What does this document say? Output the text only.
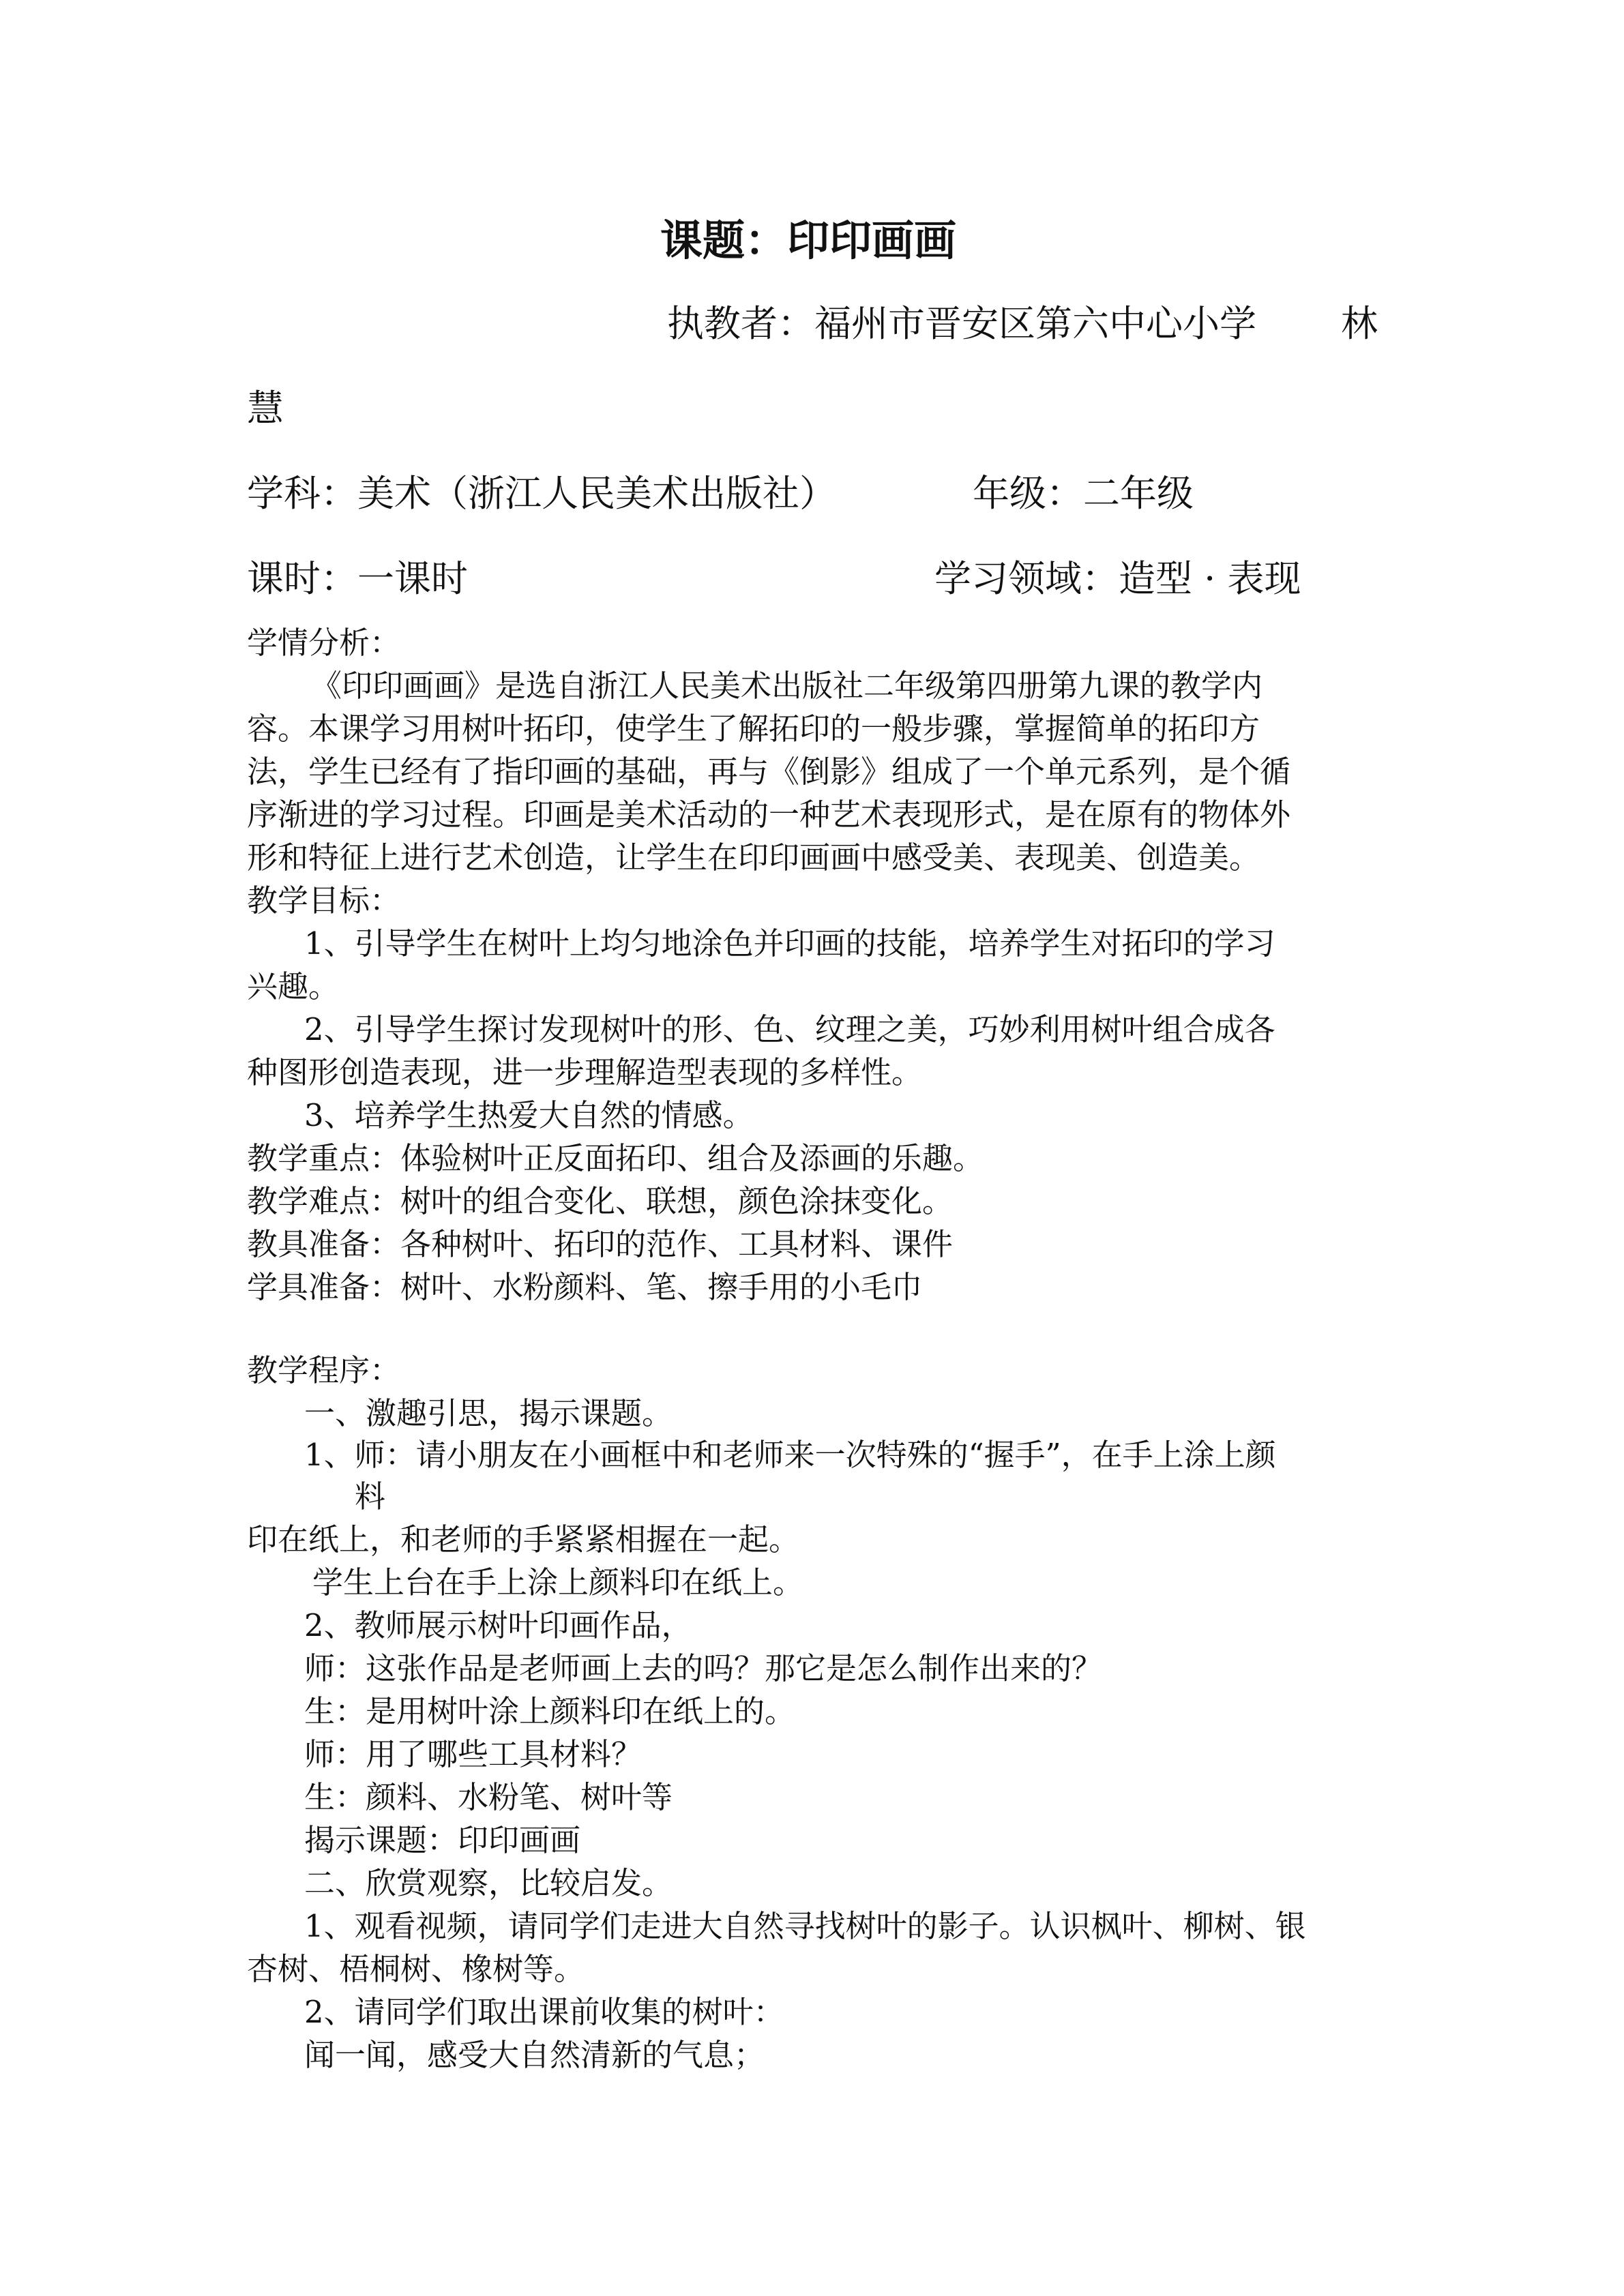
课题：印印画画
执教者：福州市晋安区第六中心小学 林
慧
学科：美术（浙江人民美术出版社）	年级：二年级
课时：一课时	学习领域：造型 · 表现
学情分析：
《印印画画》是选自浙江人民美术出版社二年级第四册第九课的教学内
容。本课学习用树叶拓印，使学生了解拓印的一般步骤，掌握简单的拓印方
法，学生已经有了指印画的基础，再与《倒影》组成了一个单元系列，是个循
序渐进的学习过程。印画是美术活动的一种艺术表现形式，是在原有的物体外
形和特征上进行艺术创造，让学生在印印画画中感受美、表现美、创造美。
教学目标：
1、引导学生在树叶上均匀地涂色并印画的技能，培养学生对拓印的学习
兴趣。
2、引导学生探讨发现树叶的形、色、纹理之美，巧妙利用树叶组合成各
种图形创造表现，进一步理解造型表现的多样性。
3、培养学生热爱大自然的情感。
教学重点：体验树叶正反面拓印、组合及添画的乐趣。
教学难点：树叶的组合变化、联想，颜色涂抹变化。
教具准备：各种树叶、拓印的范作、工具材料、课件
学具准备：树叶、水粉颜料、笔、擦手用的小毛巾
教学程序：
一、激趣引思，揭示课题。
1、师：请小朋友在小画框中和老师来一次特殊的“握手”，在手上涂上颜
料
印在纸上，和老师的手紧紧相握在一起。
学生上台在手上涂上颜料印在纸上。
2、教师展示树叶印画作品，
师：这张作品是老师画上去的吗？那它是怎么制作出来的？
生：是用树叶涂上颜料印在纸上的。
师：用了哪些工具材料？
生：颜料、水粉笔、树叶等
揭示课题：印印画画
二、欣赏观察，比较启发。
1、观看视频，请同学们走进大自然寻找树叶的影子。认识枫叶、柳树、银
杏树、梧桐树、橡树等。
2、请同学们取出课前收集的树叶：
闻一闻，感受大自然清新的气息；
